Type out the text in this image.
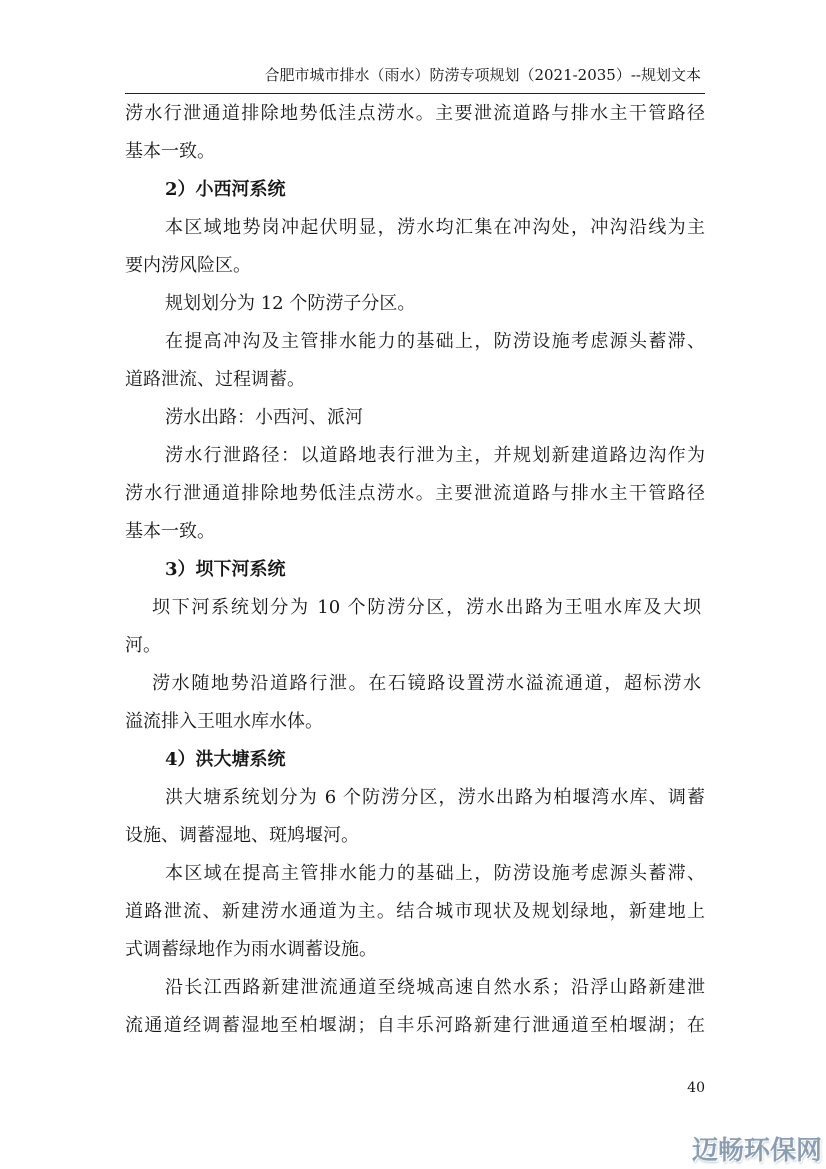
合肥市城市排水（雨水）防涝专项规划（2021-2035）--规划文本
涝水行泄通道排除地势低洼点涝水。主要泄流道路与排水主干管路径
基本一致。
2）小西河系统
本区域地势岗冲起伏明显，涝水均汇集在冲沟处，冲沟沿线为主
要内涝风险区。
规划划分为 12 个防涝子分区。
在提高冲沟及主管排水能力的基础上，防涝设施考虑源头蓄滞、
道路泄流、过程调蓄。
涝水出路：小西河、派河
涝水行泄路径：以道路地表行泄为主，并规划新建道路边沟作为
涝水行泄通道排除地势低洼点涝水。主要泄流道路与排水主干管路径
基本一致。
3）坝下河系统
坝下河系统划分为 10 个防涝分区，涝水出路为王咀水库及大坝
河。
涝水随地势沿道路行泄。在石镜路设置涝水溢流通道，超标涝水
溢流排入王咀水库水体。
4）洪大塘系统
洪大塘系统划分为 6 个防涝分区，涝水出路为柏堰湾水库、调蓄
设施、调蓄湿地、斑鸠堰河。
本区域在提高主管排水能力的基础上，防涝设施考虑源头蓄滞、
道路泄流、新建涝水通道为主。结合城市现状及规划绿地，新建地上
式调蓄绿地作为雨水调蓄设施。
沿长江西路新建泄流通道至绕城高速自然水系；沿浮山路新建泄
流通道经调蓄湿地至柏堰湖；自丰乐河路新建行泄通道至柏堰湖；在
40
迈畅环保网
